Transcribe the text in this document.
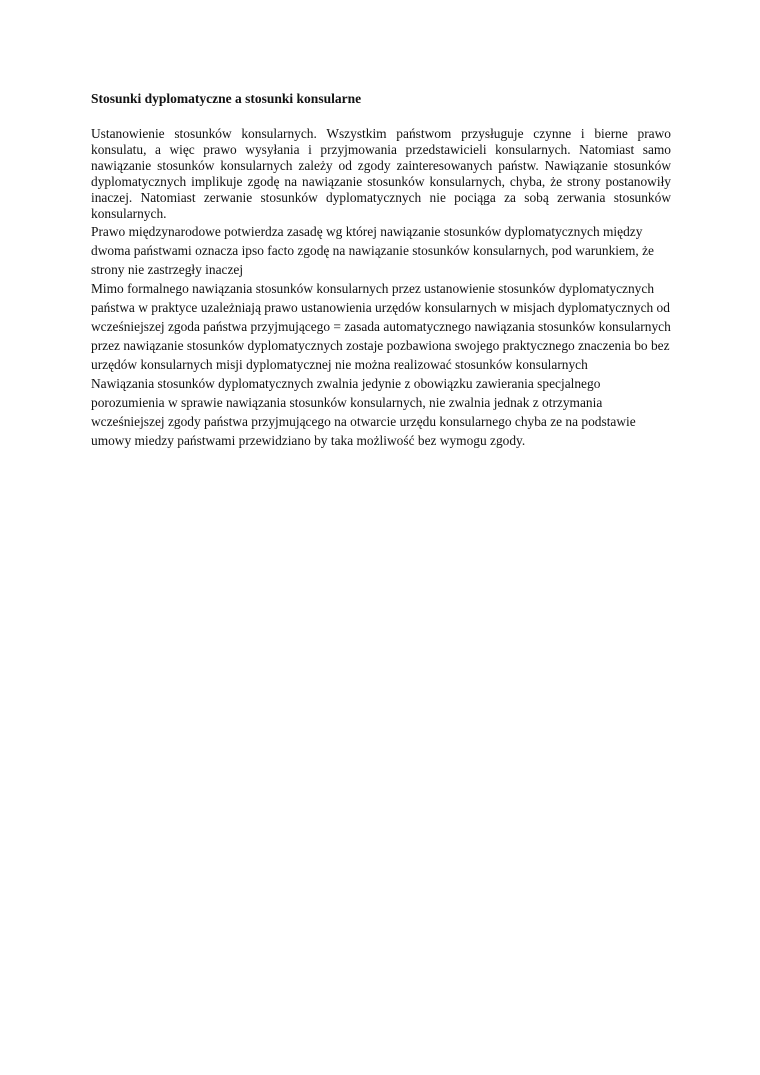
Stosunki dyplomatyczne a stosunki konsularne

Ustanowienie stosunków konsularnych. Wszystkim państwom przysługuje czynne i bierne prawo konsulatu, a więc prawo wysyłania i przyjmowania przedstawicieli konsularnych. Natomiast samo nawiązanie stosunków konsularnych zależy od zgody zainteresowanych państw. Nawiązanie stosunków dyplomatycznych implikuje zgodę na nawiązanie stosunków konsularnych, chyba, że strony postanowiły inaczej. Natomiast zerwanie stosunków dyplomatycznych nie pociąga za sobą zerwania stosunków konsularnych.

Prawo międzynarodowe potwierdza zasadę wg której nawiązanie stosunków dyplomatycznych między dwoma państwami oznacza ipso facto zgodę na nawiązanie stosunków konsularnych, pod warunkiem, że strony nie zastrzegły inaczej

Mimo formalnego nawiązania stosunków konsularnych przez ustanowienie stosunków dyplomatycznych państwa w praktyce uzależniają prawo ustanowienia urzędów konsularnych w misjach dyplomatycznych od wcześniejszej zgoda państwa przyjmującego = zasada automatycznego nawiązania stosunków konsularnych przez nawiązanie stosunków dyplomatycznych zostaje pozbawiona swojego praktycznego znaczenia bo bez urzędów konsularnych misji dyplomatycznej nie można realizować stosunków konsularnych

Nawiązania stosunków dyplomatycznych zwalnia jedynie z obowiązku zawierania specjalnego porozumienia w sprawie nawiązania stosunków konsularnych, nie zwalnia jednak z otrzymania wcześniejszej zgody państwa przyjmującego na otwarcie urzędu konsularnego chyba ze na podstawie umowy miedzy państwami przewidziano by taka możliwość bez wymogu zgody.
